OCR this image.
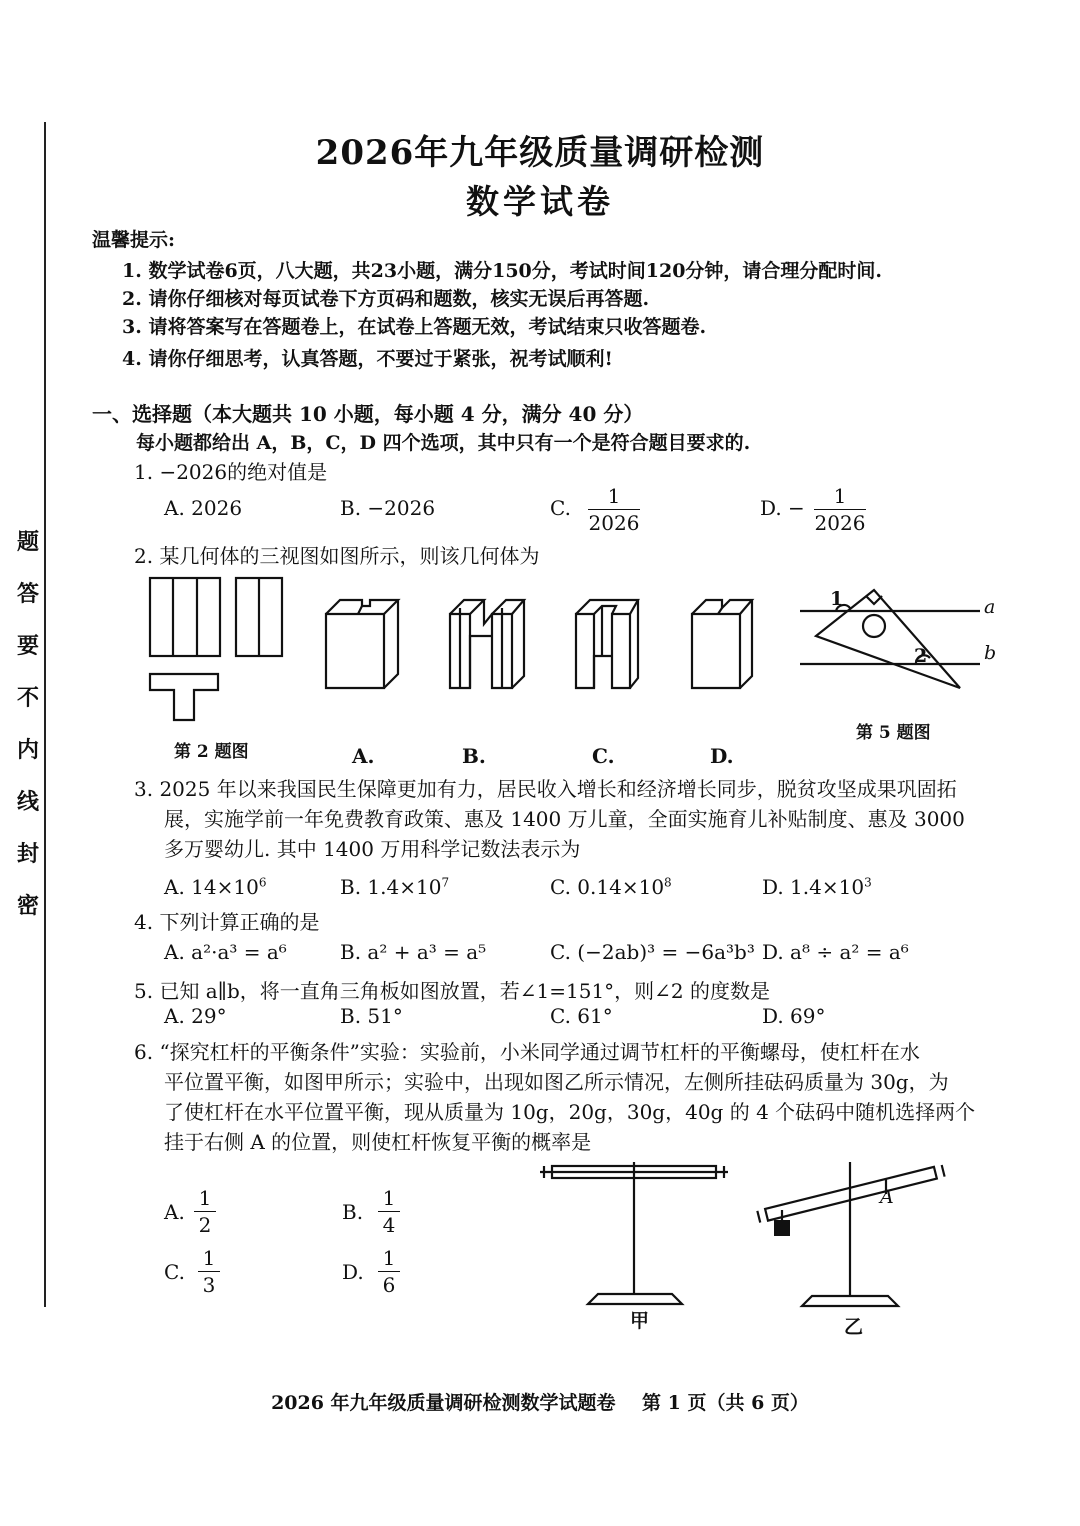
题
答
要
不
内
线
封
密
2026年九年级质量调研检测
数学试卷
温馨提示:
1. 数学试卷6页，八大题，共23小题，满分150分，考试时间120分钟，请合理分配时间.
2. 请你仔细核对每页试卷下方页码和题数，核实无误后再答题.
3. 请将答案写在答题卷上，在试卷上答题无效，考试结束只收答题卷.
4. 请你仔细思考，认真答题，不要过于紧张，祝考试顺利!
一、选择题（本大题共 10 小题，每小题 4 分，满分 40 分）
每小题都给出 A，B，C，D 四个选项，其中只有一个是符合题目要求的.
1. −2026的绝对值是
A. 2026	B. −2026	C.	1
2026
D. −	1
2026
2. 某几何体的三视图如图所示，则该几何体为
第 2 题图	A.	B.	C.	D.
1
2
a
b
第 5 题图
3. 2025 年以来我国民生保障更加有力，居民收入增长和经济增长同步，脱贫攻坚成果巩固拓
展，实施学前一年免费教育政策、惠及 1400 万儿童，全面实施育儿补贴制度、惠及 3000
多万婴幼儿. 其中 1400 万用科学记数法表示为
A. $14\times 10^6$	B. $1.4\times 10^7$	C. $0.14\times 10^8$	D. $1.4\times 10^3$
4. 下列计算正确的是
A. a²·a³ = a⁶	B. a² + a³ = a⁵	C. (−2ab)³ = −6a³b³ D. a⁸ ÷ a² = a⁶
5. 已知 a∥b，将一直角三角板如图放置，若∠1=151°，则∠2 的度数是
A. 29°	B. 51°	C. 61°	D. 69°
6. “探究杠杆的平衡条件”实验：实验前，小米同学通过调节杠杆的平衡螺母，使杠杆在水
平位置平衡，如图甲所示；实验中，出现如图乙所示情况，左侧所挂砝码质量为 30g，为
了使杠杆在水平位置平衡，现从质量为 10g，20g，30g，40g 的 4 个砝码中随机选择两个
挂于右侧 A 的位置，则使杠杆恢复平衡的概率是
A.
1
2
B.
1
4
C.
1
3
D.
1
6
甲
A
乙
2026 年九年级质量调研检测数学试题卷    第 1 页（共 6 页）
